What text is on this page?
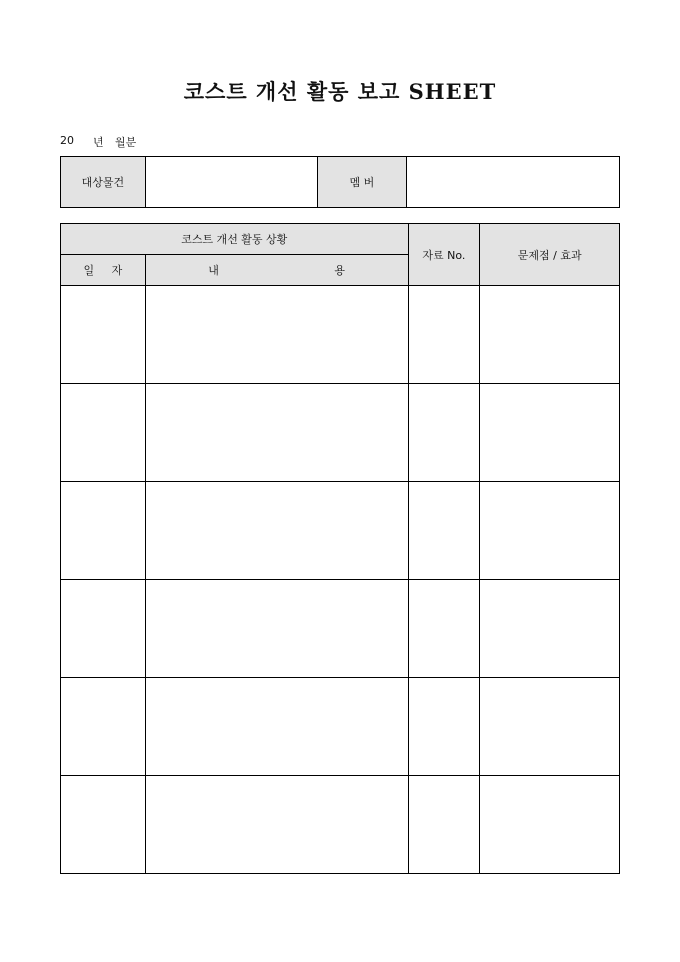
코스트 개선 활동 보고 SHEET
20	년	월분
대상물건		멤 버	
코스트 개선 활동 상황		자료 No.	문제점 / 효과
일 자	내 용		
